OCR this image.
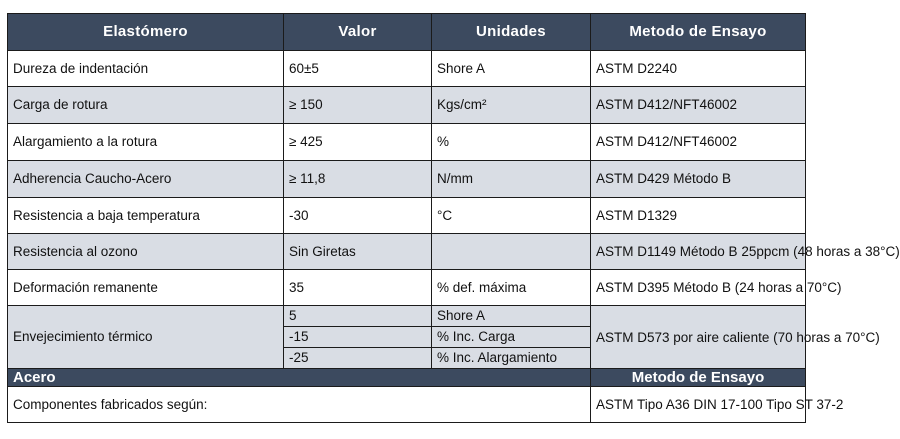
Elastómero	Valor	Unidades	Metodo de Ensayo
Dureza de indentación	60±5	Shore A	ASTM D2240
Carga de rotura	≥ 150	Kgs/cm²	ASTM D412/NFT46002
Alargamiento a la rotura	≥ 425	%	ASTM D412/NFT46002
Adherencia Caucho-Acero	≥ 11,8	N/mm	ASTM D429 Método B
Resistencia a baja temperatura	-30	°C	ASTM D1329
Resistencia al ozono	Sin Giretas		ASTM D1149 Método B 25ppcm (48 horas a 38°C)
Deformación remanente	35	% def. máxima	ASTM D395 Método B (24 horas a 70°C)
Envejecimiento térmico	5	Shore A	ASTM D573 por aire caliente (70 horas a 70°C)
	-15	% Inc. Carga	
	-25	% Inc. Alargamiento	
Acero			Metodo de Ensayo
Componentes fabricados según:			ASTM Tipo A36 DIN 17-100 Tipo ST 37-2
